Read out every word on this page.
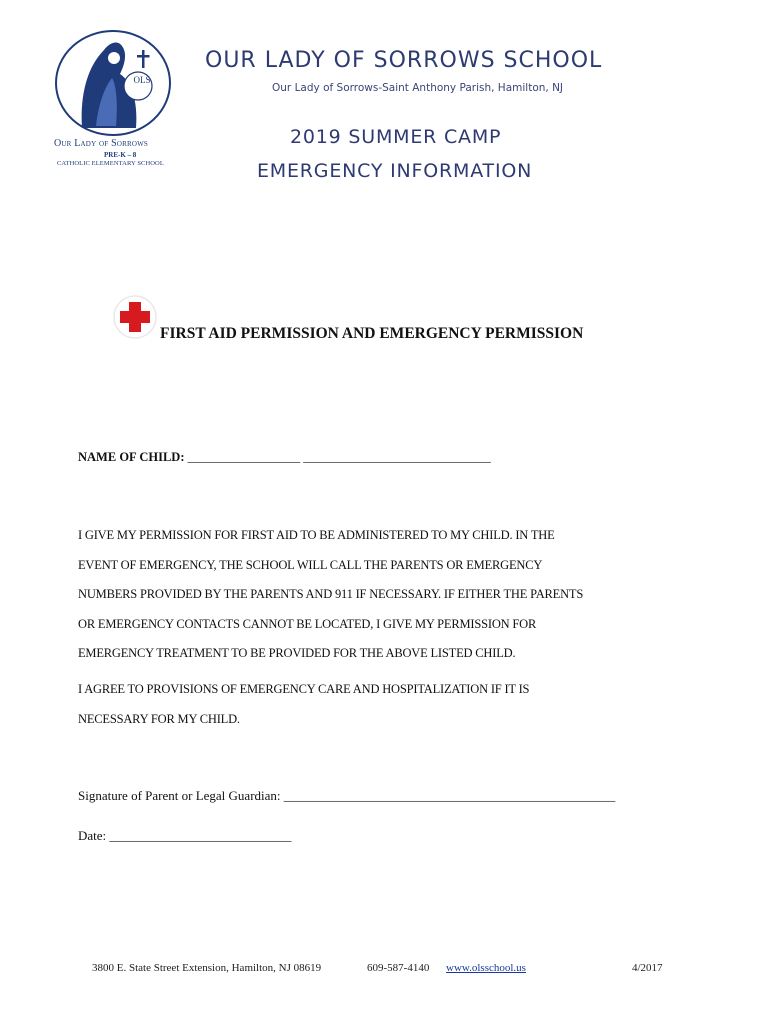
OLS
Our Lady of Sorrows
PRE-K – 8
CATHOLIC ELEMENTARY SCHOOL
OUR LADY OF SORROWS SCHOOL
Our Lady of Sorrows-Saint Anthony Parish, Hamilton, NJ
2019 SUMMER CAMP
EMERGENCY INFORMATION
FIRST AID PERMISSION AND EMERGENCY PERMISSION
NAME OF CHILD: __________________ ______________________________
I GIVE MY PERMISSION FOR FIRST AID TO BE ADMINISTERED TO MY CHILD. IN THE
EVENT OF EMERGENCY, THE SCHOOL WILL CALL THE PARENTS OR EMERGENCY
NUMBERS PROVIDED BY THE PARENTS AND 911 IF NECESSARY. IF EITHER THE PARENTS
OR EMERGENCY CONTACTS CANNOT BE LOCATED, I GIVE MY PERMISSION FOR
EMERGENCY TREATMENT TO BE PROVIDED FOR THE ABOVE LISTED CHILD.
I AGREE TO PROVISIONS OF EMERGENCY CARE AND HOSPITALIZATION IF IT IS
NECESSARY FOR MY CHILD.
Signature of Parent or Legal Guardian: ___________________________________________________
Date: ____________________________
3800 E. State Street Extension, Hamilton, NJ 08619	609-587-4140 www.olsschool.us	4/2017
